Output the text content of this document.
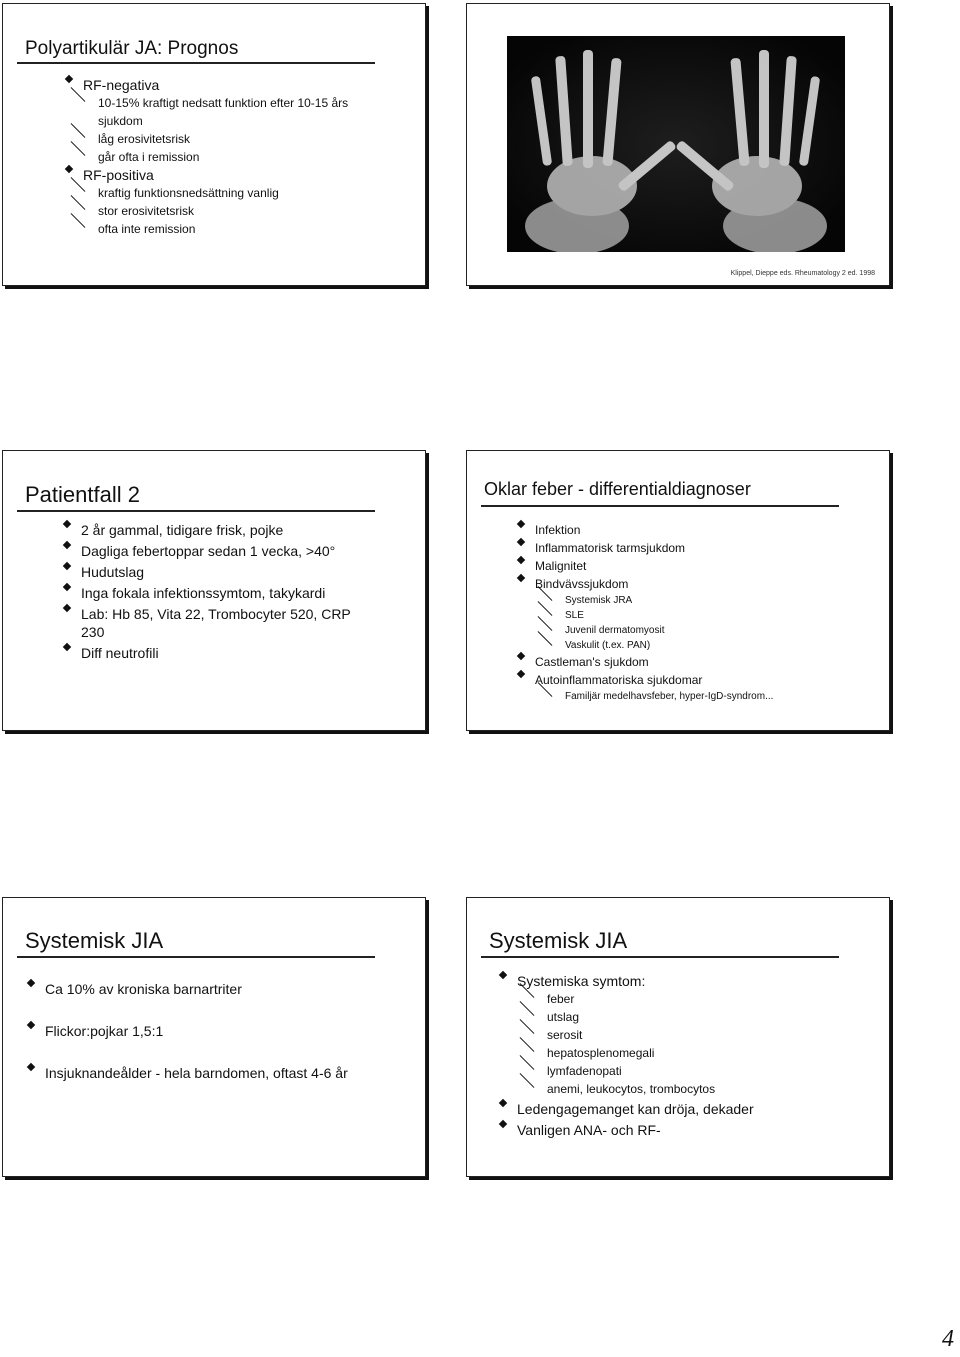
Polyartikulär JA: Prognos
RF-negativa
10-15% kraftigt nedsatt funktion efter 10-15 års sjukdom
låg erosivitetsrisk
går ofta i remission
RF-positiva
kraftig funktionsnedsättning vanlig
stor erosivitetsrisk
ofta inte remission
Klippel, Dieppe eds. Rheumatology 2 ed. 1998
Patientfall 2
2 år gammal, tidigare frisk, pojke
Dagliga febertoppar sedan 1 vecka, >40°
Hudutslag
Inga fokala infektionssymtom, takykardi
Lab: Hb 85, Vita 22, Trombocyter 520, CRP 230
Diff neutrofili
Oklar feber - differentialdiagnoser
Infektion
Inflammatorisk tarmsjukdom
Malignitet
Bindvävssjukdom
Systemisk JRA
SLE
Juvenil dermatomyosit
Vaskulit (t.ex. PAN)
Castleman's sjukdom
Autoinflammatoriska sjukdomar
Familjär medelhavsfeber, hyper-IgD-syndrom...
Systemisk JIA
Ca 10% av kroniska barnartriter
Flickor:pojkar 1,5:1
Insjuknandeålder - hela barndomen, oftast 4-6 år
Systemisk JIA
Systemiska symtom:
feber
utslag
serosit
hepatosplenomegali
lymfadenopati
anemi, leukocytos, trombocytos
Ledengagemanget kan dröja, dekader
Vanligen ANA- och RF-
4
